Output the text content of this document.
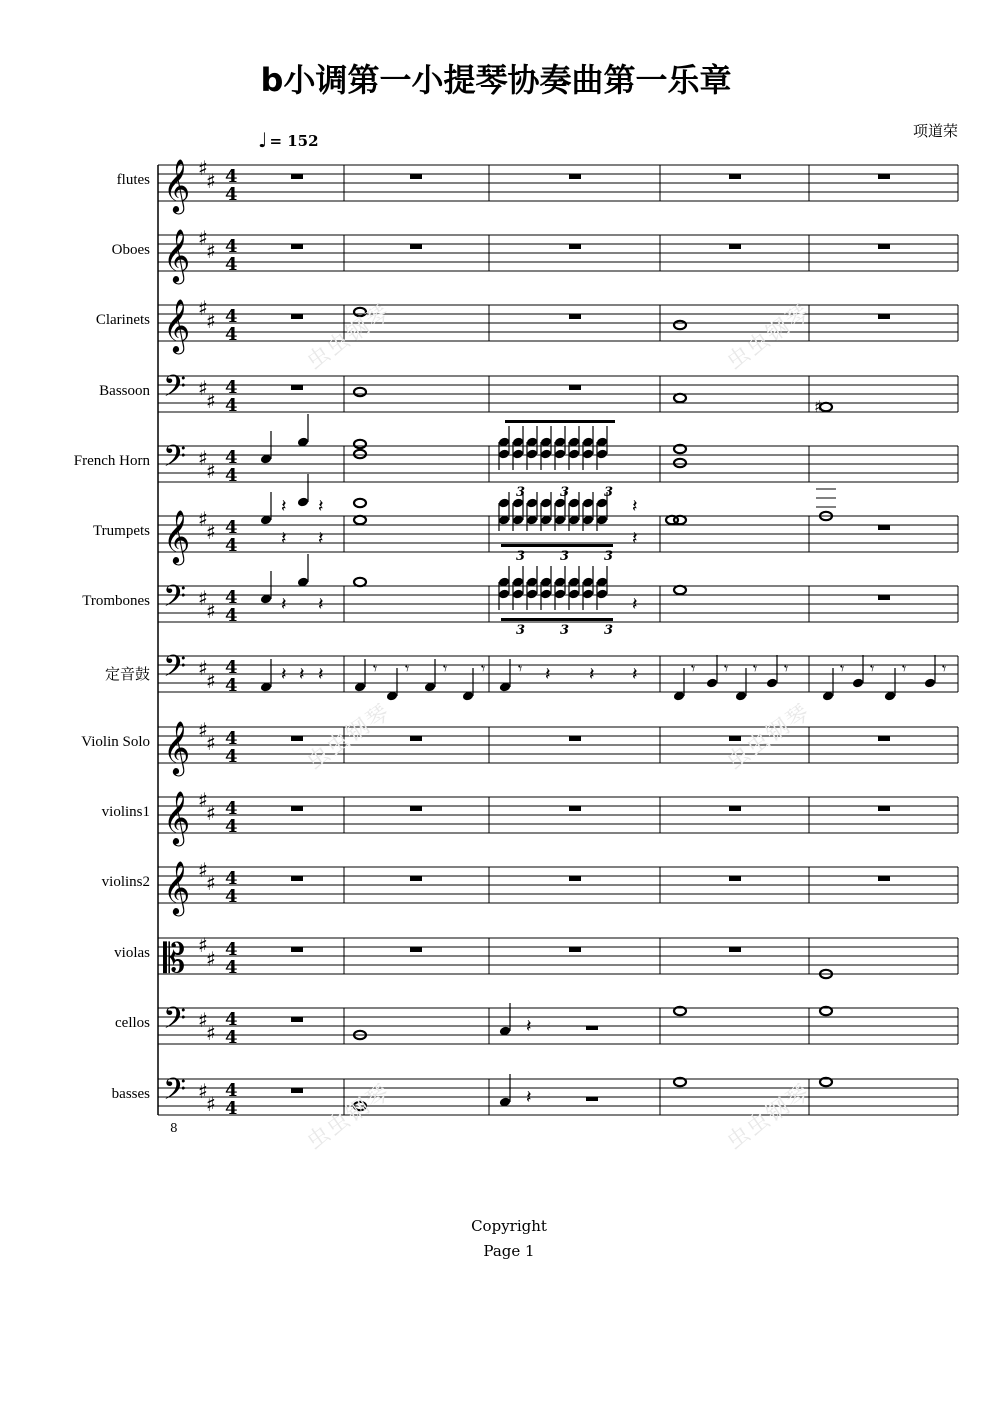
b小调第一小提琴协奏曲第一乐章
项道荣
♩ = 152
flutes
Oboes
Clarinets
Bassoon
French Horn
Trumpets
Trombones
定音鼓
Violin Solo
violins1
violins2
violas
cellos
basses
𝄞 ♯
♯ 4
4
𝄞 ♯
♯ 4
4
𝄞 ♯
♯ 4
4
𝄢 ♯
♯
4
4
𝄢 ♯
♯
4
4
𝄞 ♯
♯ 4
4
𝄢 ♯
♯
4
4
𝄢 ♯
♯
4
4
𝄞 ♯
♯ 4
4
𝄞 ♯
♯ 4
4
𝄞 ♯
♯ 4
4
𝄡 ♯
♯ 4
4
𝄢 ♯
♯
4
4
𝄢
8
♯
♯
4
4
♯
𝄽
𝄽
𝄽 𝄽
𝄽 𝄽
3	3	3
3	3	3
𝄽
𝄽
𝄽 𝄽
3	3	3
𝄽
𝄽 𝄽 𝄽	𝄾 𝄾 𝄾 𝄾 𝄾 𝄽 𝄽 𝄽	𝄾 𝄾 𝄾 𝄾	𝄾 𝄾 𝄾 𝄾
虫虫钢琴	虫虫钢琴
虫虫钢琴	虫虫钢琴
虫虫钢琴	虫虫钢琴
Copyright
Page 1
